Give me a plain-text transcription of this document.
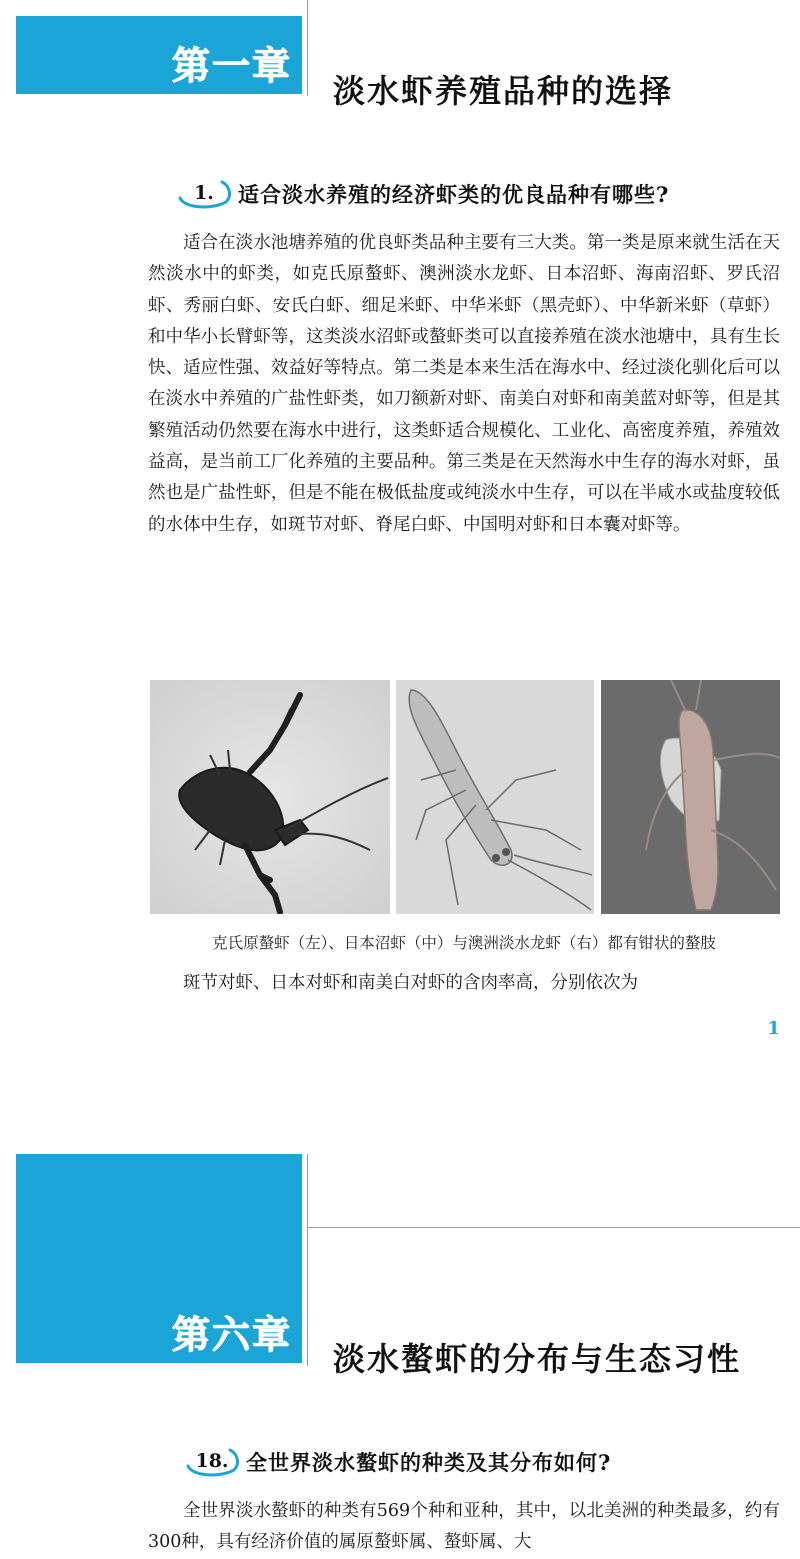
第一章
淡水虾养殖品种的选择
1.	适合淡水养殖的经济虾类的优良品种有哪些?

适合在淡水池塘养殖的优良虾类品种主要有三大类。第一类是原来就生活在天然淡水中的虾类，如克氏原螯虾、澳洲淡水龙虾、日本沼虾、海南沼虾、罗氏沼虾、秀丽白虾、安氏白虾、细足米虾、中华米虾（黑壳虾）、中华新米虾（草虾）和中华小长臂虾等，这类淡水沼虾或螯虾类可以直接养殖在淡水池塘中，具有生长快、适应性强、效益好等特点。第二类是本来生活在海水中、经过淡化驯化后可以在淡水中养殖的广盐性虾类，如刀额新对虾、南美白对虾和南美蓝对虾等，但是其繁殖活动仍然要在海水中进行，这类虾适合规模化、工业化、高密度养殖，养殖效益高，是当前工厂化养殖的主要品种。第三类是在天然海水中生存的海水对虾，虽然也是广盐性虾，但是不能在极低盐度或纯淡水中生存，可以在半咸水或盐度较低的水体中生存，如斑节对虾、脊尾白虾、中国明对虾和日本囊对虾等。

克氏原螯虾（左）、日本沼虾（中）与澳洲淡水龙虾（右）都有钳状的螯肢

斑节对虾、日本对虾和南美白对虾的含肉率高，分别依次为

1
第六章
淡水螯虾的分布与生态习性
18. 全世界淡水螯虾的种类及其分布如何?

全世界淡水螯虾的种类有569个种和亚种，其中，以北美洲的种类最多，约有300种，具有经济价值的属原螯虾属、螯虾属、大
